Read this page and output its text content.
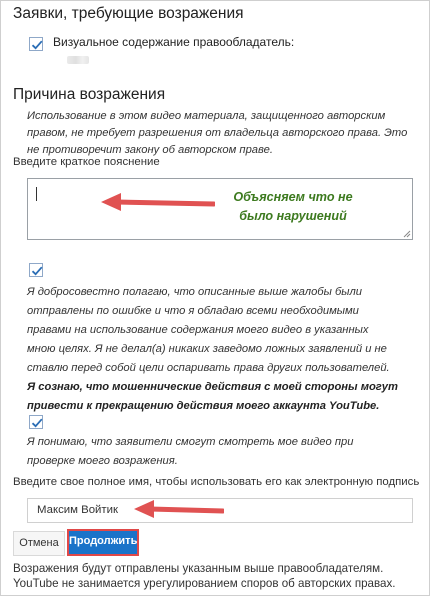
Заявки, требующие возражения
Визуальное содержание правообладатель:
Причина возражения
Использование в этом видео материала, защищенного авторским правом, не требует разрешения от владельца авторского права. Это не противоречит закону об авторском праве.
Введите краткое пояснение
Объясняем что не было нарушений
Я добросовестно полагаю, что описанные выше жалобы были отправлены по ошибке и что я обладаю всеми необходимыми правами на использование содержания моего видео в указанных мною целях. Я не делал(а) никаких заведомо ложных заявлений и не ставлю перед собой цели оспаривать права других пользователей. Я сознаю, что мошеннические действия с моей стороны могут привести к прекращению действия моего аккаунта YouTube.
Я понимаю, что заявители смогут смотреть мое видео при проверке моего возражения.
Введите свое полное имя, чтобы использовать его как электронную подпись
Максим Войтик
Отмена Продолжить
Возражения будут отправлены указанным выше правообладателям. YouTube не занимается урегулированием споров об авторских правах.
